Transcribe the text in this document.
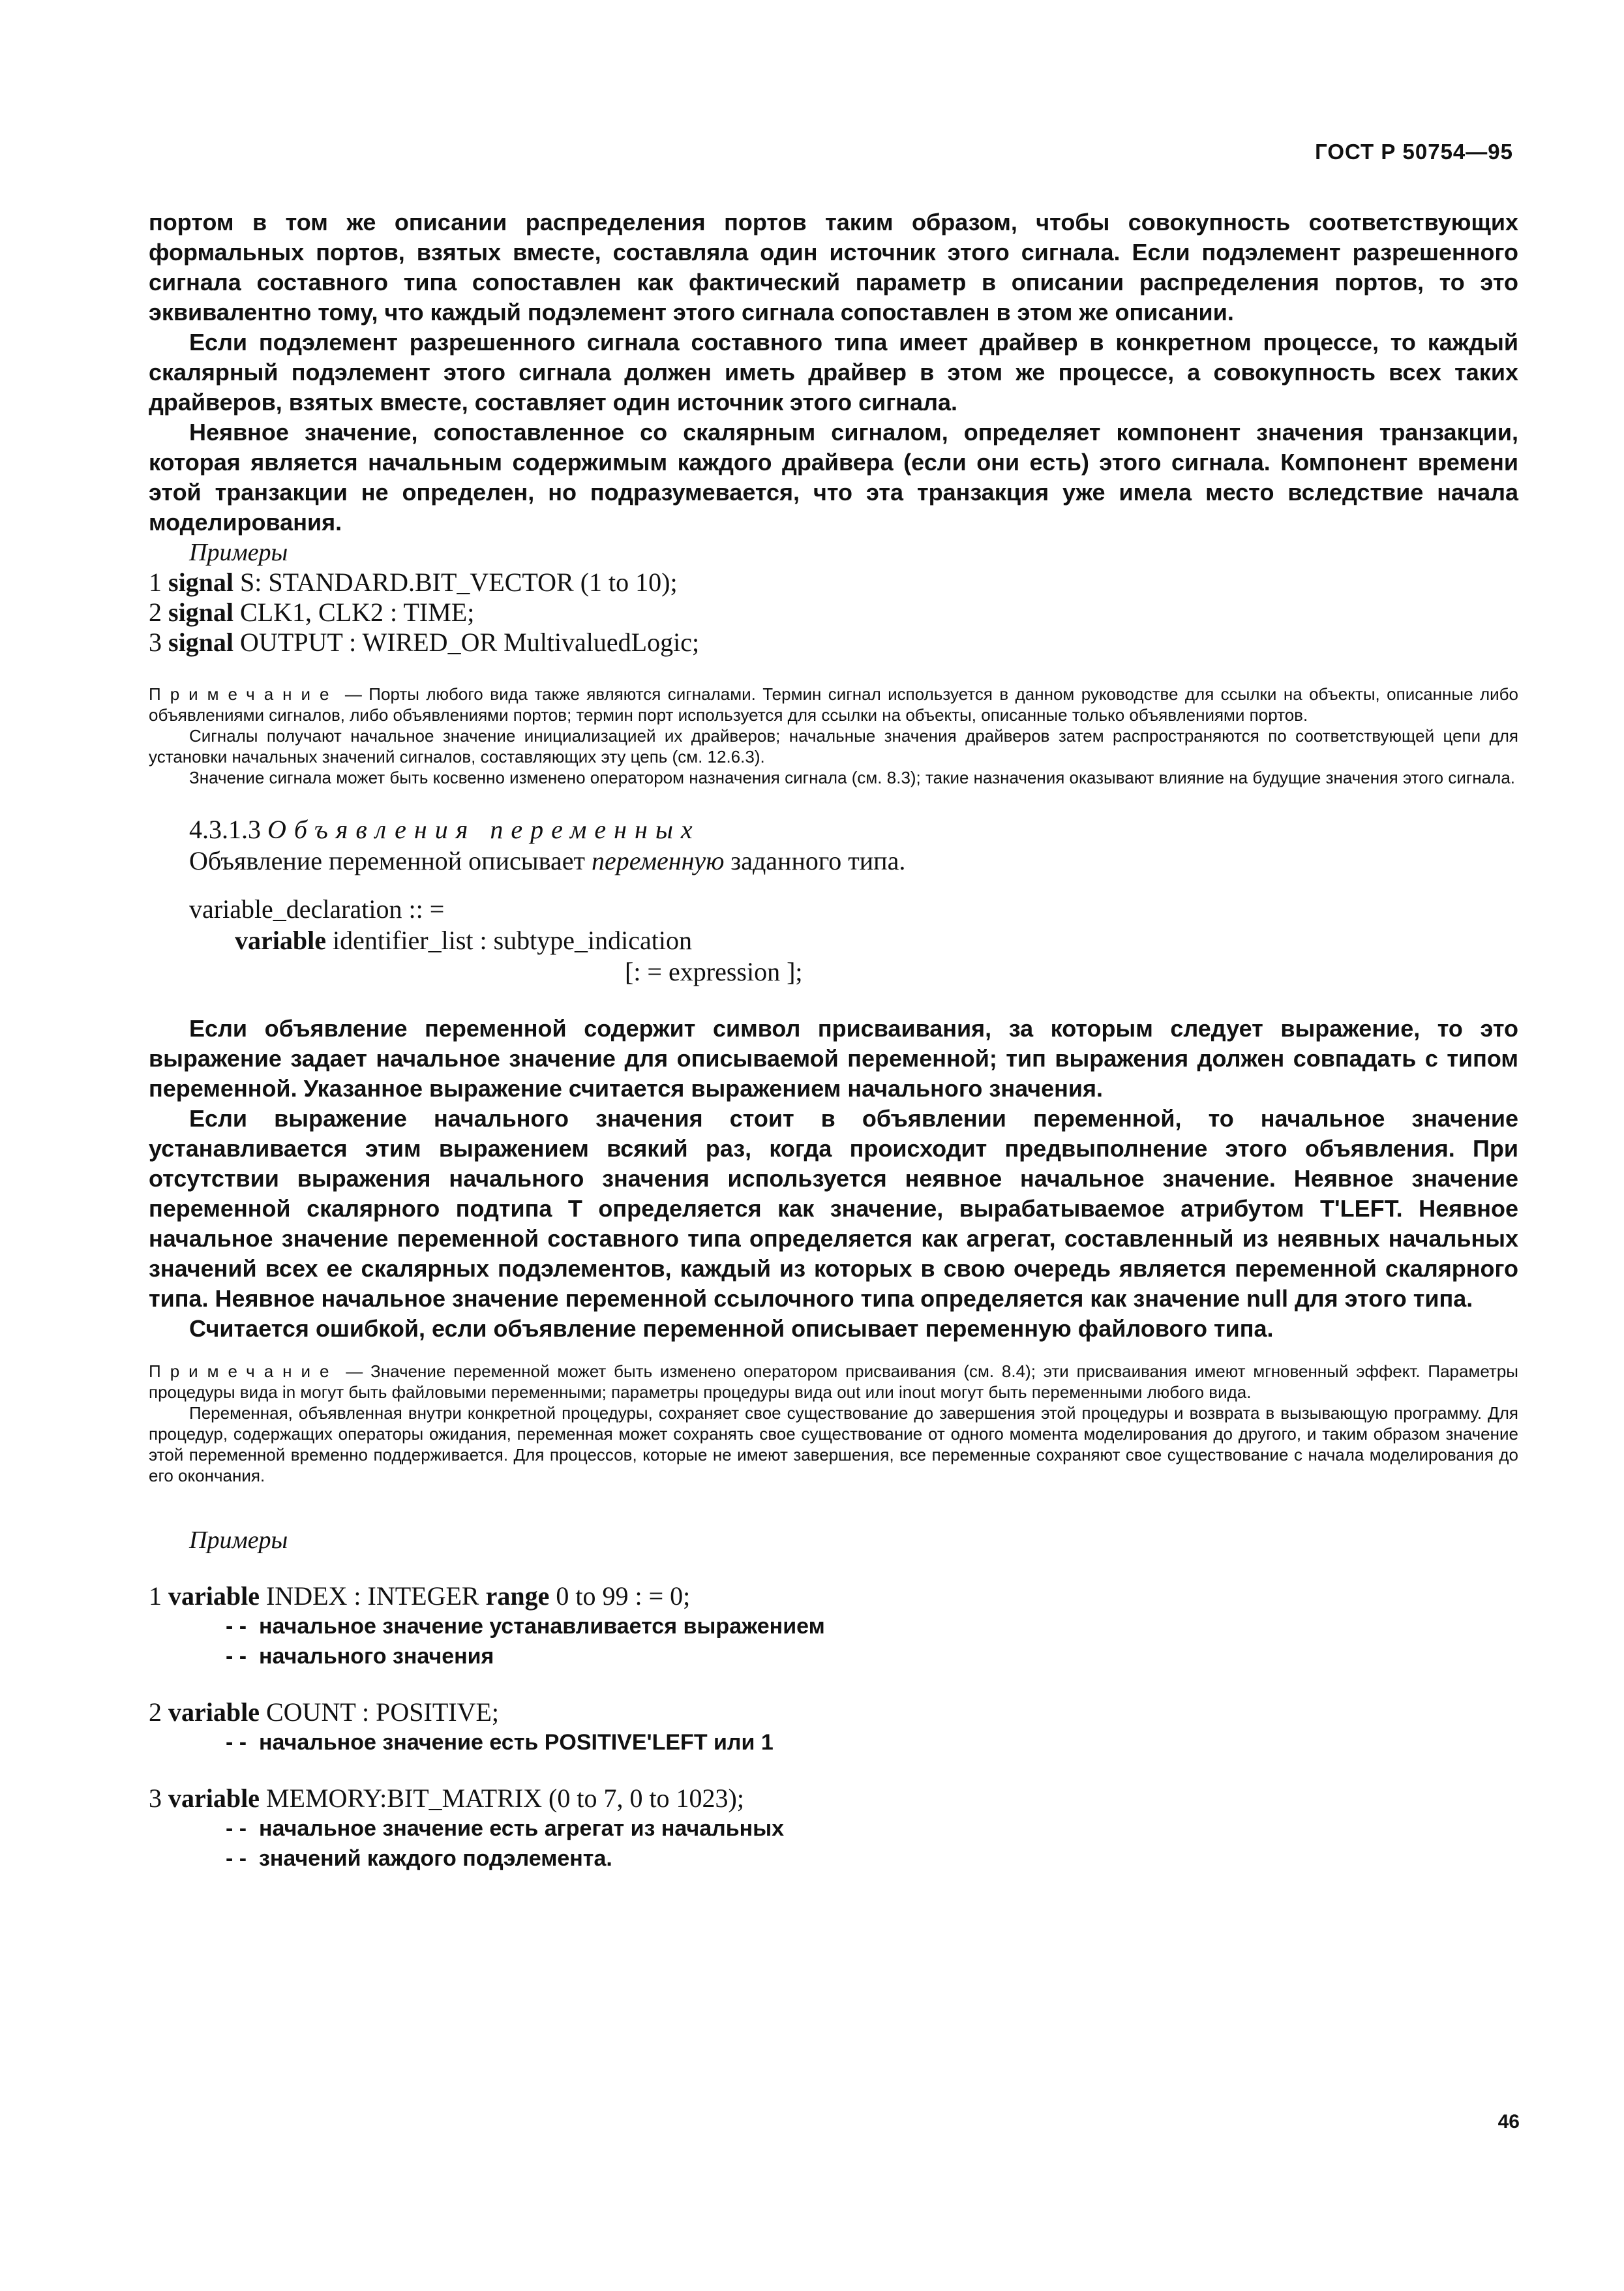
ГОСТ Р 50754—95

портом в том же описании распределения портов таким образом, чтобы совокупность соответствующих формальных портов, взятых вместе, составляла один источник этого сигнала. Если подэлемент разрешенного сигнала составного типа сопоставлен как фактический параметр в описании распределения портов, то это эквивалентно тому, что каждый подэлемент этого сигнала сопоставлен в этом же описании.

Если подэлемент разрешенного сигнала составного типа имеет драйвер в конкретном процессе, то каждый скалярный подэлемент этого сигнала должен иметь драйвер в этом же процессе, а совокупность всех таких драйверов, взятых вместе, составляет один источник этого сигнала.

Неявное значение, сопоставленное со скалярным сигналом, определяет компонент значения транзакции, которая является начальным содержимым каждого драйвера (если они есть) этого сигнала. Компонент времени этой транзакции не определен, но подразумевается, что эта транзакция уже имела место вследствие начала моделирования.

Примеры

1 signal S: STANDARD.BIT_VECTOR (1 to 10);

2 signal CLK1, CLK2 : TIME;

3 signal OUTPUT : WIRED_OR MultivaluedLogic;

Примечание — Порты любого вида также являются сигналами. Термин сигнал используется в данном руководстве для ссылки на объекты, описанные либо объявлениями сигналов, либо объявлениями портов; термин порт используется для ссылки на объекты, описанные только объявлениями портов.

Сигналы получают начальное значение инициализацией их драйверов; начальные значения драйверов затем распространяются по соответствующей цепи для установки начальных значений сигналов, составляющих эту цепь (см. 12.6.3).

Значение сигнала может быть косвенно изменено оператором назначения сигнала (см. 8.3); такие назначения оказывают влияние на будущие значения этого сигнала.

4.3.1.3 Объявления переменных

Объявление переменной описывает переменную заданного типа.

variable_declaration :: =

variable identifier_list : subtype_indication

[: = expression ];

Если объявление переменной содержит символ присваивания, за которым следует выражение, то это выражение задает начальное значение для описываемой переменной; тип выражения должен совпадать с типом переменной. Указанное выражение считается выражением начального значения.

Если выражение начального значения стоит в объявлении переменной, то начальное значение устанавливается этим выражением всякий раз, когда происходит предвыполнение этого объявления. При отсутствии выражения начального значения используется неявное начальное значение. Неявное значение переменной скалярного подтипа T определяется как значение, вырабатываемое атрибутом T'LEFT. Неявное начальное значение переменной составного типа определяется как агрегат, составленный из неявных начальных значений всех ее скалярных подэлементов, каждый из которых в свою очередь является переменной скалярного типа. Неявное начальное значение переменной ссылочного типа определяется как значение null для этого типа.

Считается ошибкой, если объявление переменной описывает переменную файлового типа.

Примечание — Значение переменной может быть изменено оператором присваивания (см. 8.4); эти присваивания имеют мгновенный эффект. Параметры процедуры вида in могут быть файловыми переменными; параметры процедуры вида out или inout могут быть переменными любого вида.

Переменная, объявленная внутри конкретной процедуры, сохраняет свое существование до завершения этой процедуры и возврата в вызывающую программу. Для процедур, содержащих операторы ожидания, переменная может сохранять свое существование от одного момента моделирования до другого, и таким образом значение этой переменной временно поддерживается. Для процессов, которые не имеют завершения, все переменные сохраняют свое существование с начала моделирования до его окончания.

Примеры

1 variable INDEX : INTEGER range 0 to 99 : = 0;

- -  начальное значение устанавливается выражением

- -  начального значения

2 variable COUNT : POSITIVE;

- -  начальное значение есть POSITIVE'LEFT или 1

3 variable MEMORY:BIT_MATRIX (0 to 7, 0 to 1023);

- -  начальное значение есть агрегат из начальных

- -  значений каждого подэлемента.

46
